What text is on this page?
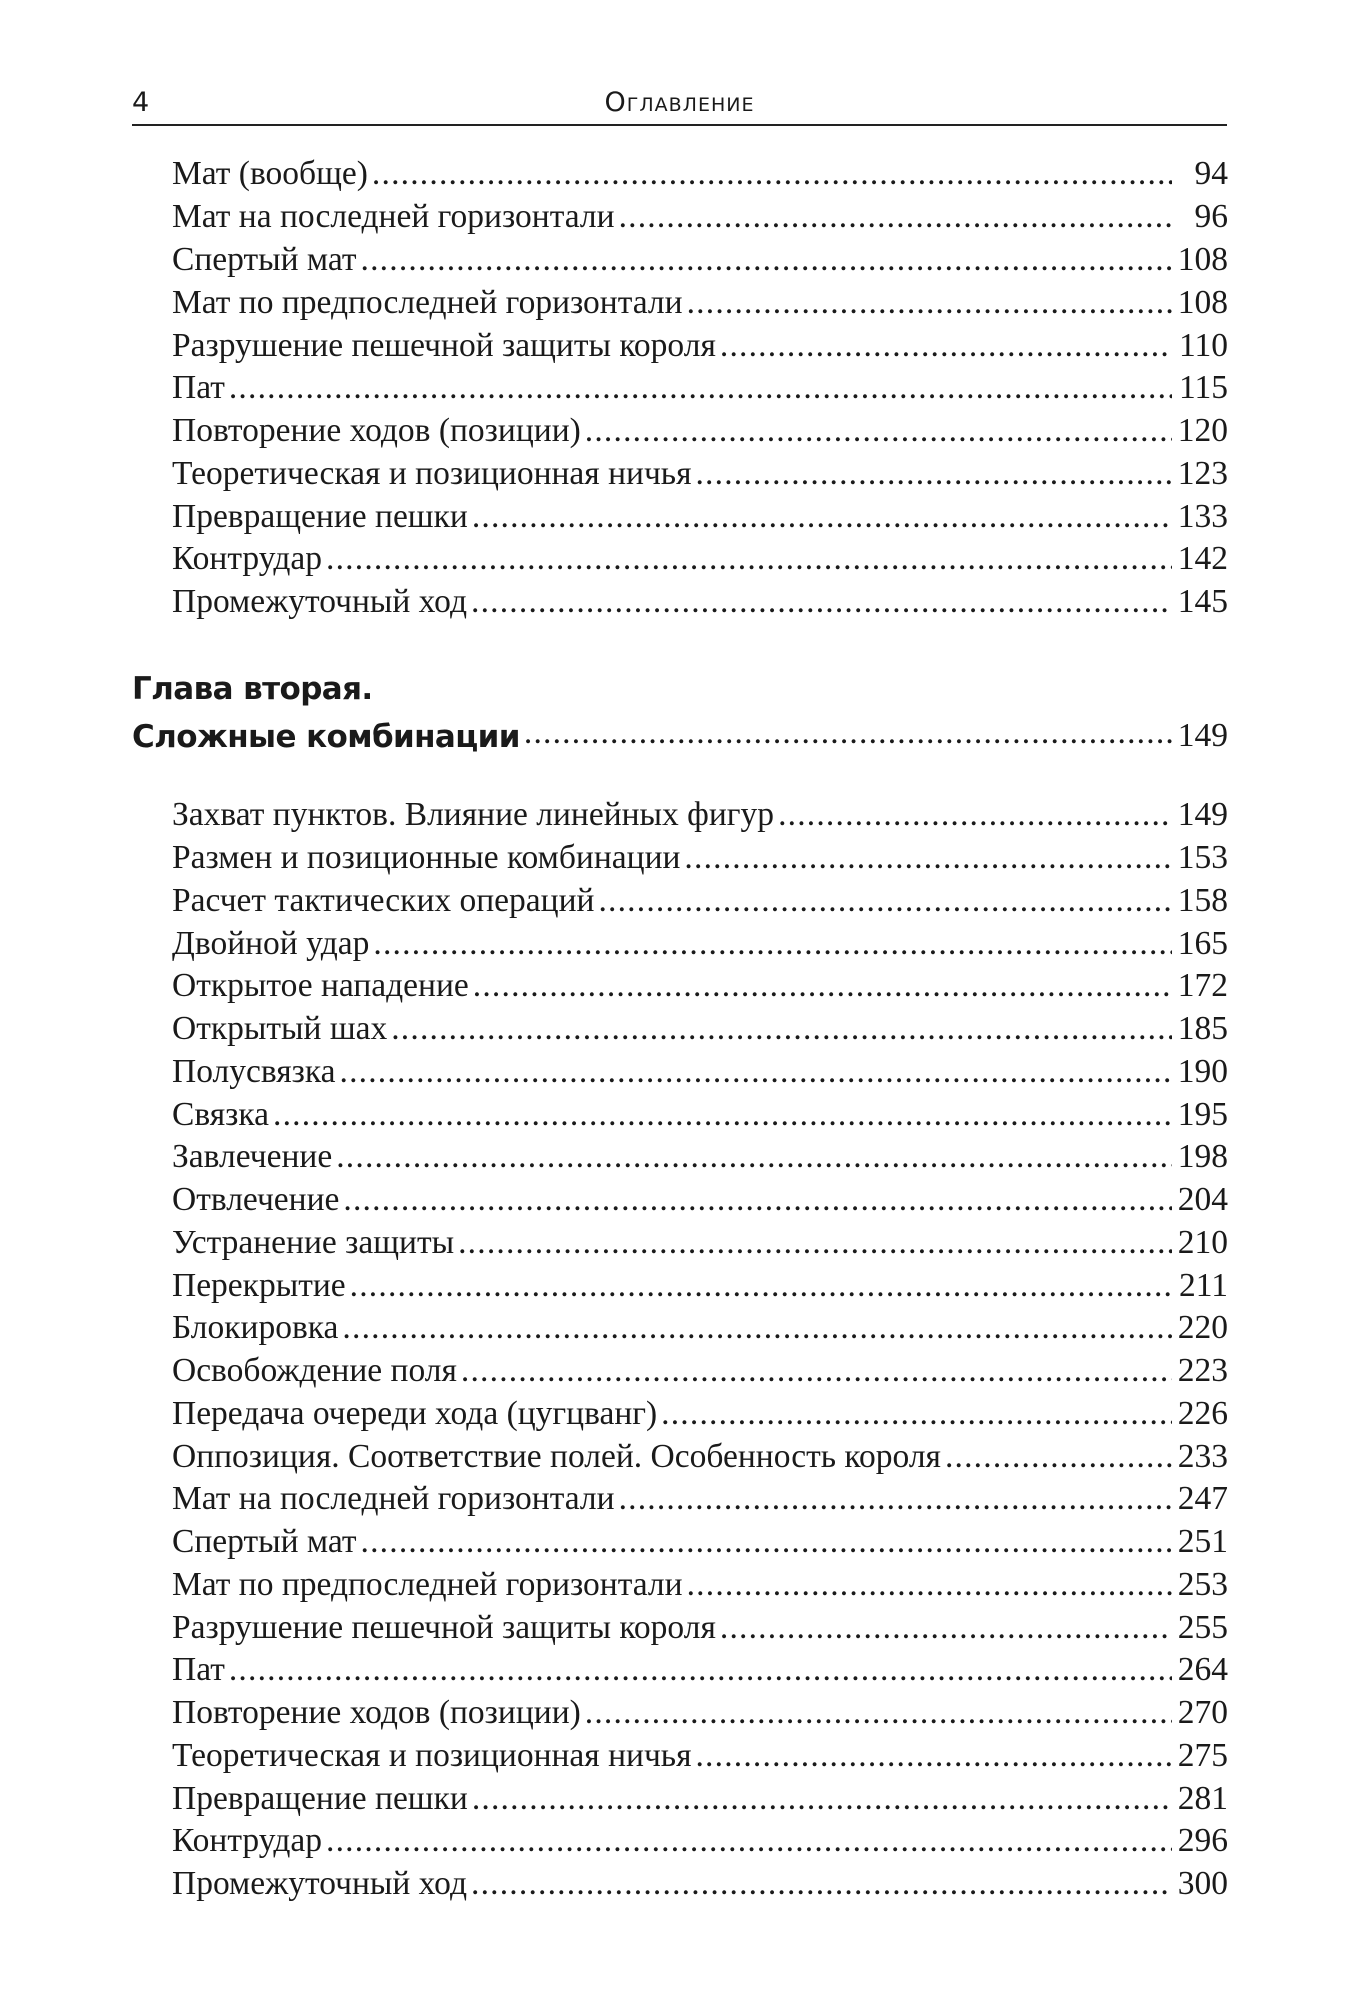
4	Оглавление
Мат (вообще) .....	94
Мат на последней горизонтали .....	96
Спертый мат .....	108
Мат по предпоследней горизонтали .....	108
Разрушение пешечной защиты короля .....	110
Пат .....	115
Повторение ходов (позиции) .....	120
Теоретическая и позиционная ничья .....	123
Превращение пешки .....	133
Контрудар .....	142
Промежуточный ход .....	145
Глава вторая.
Сложные комбинации .....	149
Захват пунктов. Влияние линейных фигур .....	149
Размен и позиционные комбинации .....	153
Расчет тактических операций .....	158
Двойной удар .....	165
Открытое нападение .....	172
Открытый шах .....	185
Полусвязка .....	190
Связка .....	195
Завлечение .....	198
Отвлечение .....	204
Устранение защиты .....	210
Перекрытие .....	211
Блокировка .....	220
Освобождение поля .....	223
Передача очереди хода (цугцванг) .....	226
Оппозиция. Соответствие полей. Особенность короля .....	233
Мат на последней горизонтали .....	247
Спертый мат .....	251
Мат по предпоследней горизонтали .....	253
Разрушение пешечной защиты короля .....	255
Пат .....	264
Повторение ходов (позиции) .....	270
Теоретическая и позиционная ничья .....	275
Превращение пешки .....	281
Контрудар .....	296
Промежуточный ход .....	300
